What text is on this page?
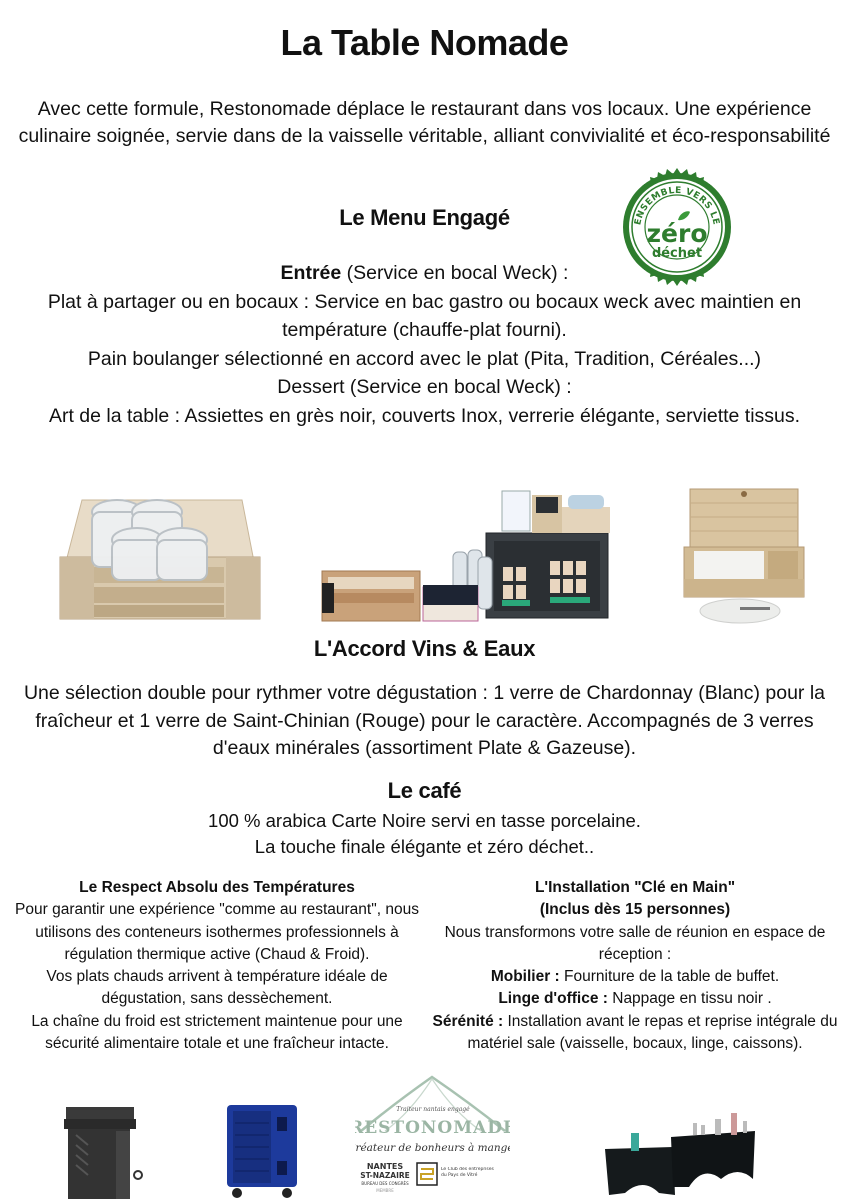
La Table Nomade
Avec cette formule, Restonomade déplace le restaurant dans vos locaux. Une expérience culinaire soignée, servie dans de la vaisselle véritable, alliant convivialité et éco-responsabilité
ENSEMBLE VERS LE
zéro
déchet
Le Menu Engagé
Entrée (Service en bocal Weck) :
Plat à partager ou en bocaux : Service en bac gastro ou bocaux weck avec maintien en température (chauffe-plat fourni).
Pain boulanger sélectionné en accord avec le plat (Pita, Tradition, Céréales...)
Dessert (Service en bocal Weck) :
Art de la table : Assiettes en grès noir, couverts Inox, verrerie élégante, serviette tissus.
L'Accord Vins & Eaux
Une sélection double pour rythmer votre dégustation : 1 verre de Chardonnay (Blanc) pour la fraîcheur et 1 verre de Saint-Chinian (Rouge) pour le caractère. Accompagnés de 3 verres d'eaux minérales (assortiment Plate & Gazeuse).
Le café
100 % arabica Carte Noire servi en tasse porcelaine.
La touche finale élégante et zéro déchet..
Le Respect Absolu des Températures
Pour garantir une expérience "comme au restaurant", nous utilisons des conteneurs isothermes professionnels à régulation thermique active (Chaud & Froid).
Vos plats chauds arrivent à température idéale de dégustation, sans dessèchement.
La chaîne du froid est strictement maintenue pour une sécurité alimentaire totale et une fraîcheur intacte.
L'Installation "Clé en Main"
(Inclus dès 15 personnes)
Nous transformons votre salle de réunion en espace de réception :
Mobilier : Fourniture de la table de buffet.
Linge d'office : Nappage en tissu noir .
Sérénité : Installation avant le repas et reprise intégrale du matériel sale (vaisselle, bocaux, linge, caissons).
Traiteur nantais engagé
RESTONOMADE
Créateur de bonheurs à manger
NANTES
ST-NAZAIRE
BUREAU DES CONGRÈS
MEMBRE
Le Club des entreprises du Pays de Vitré
